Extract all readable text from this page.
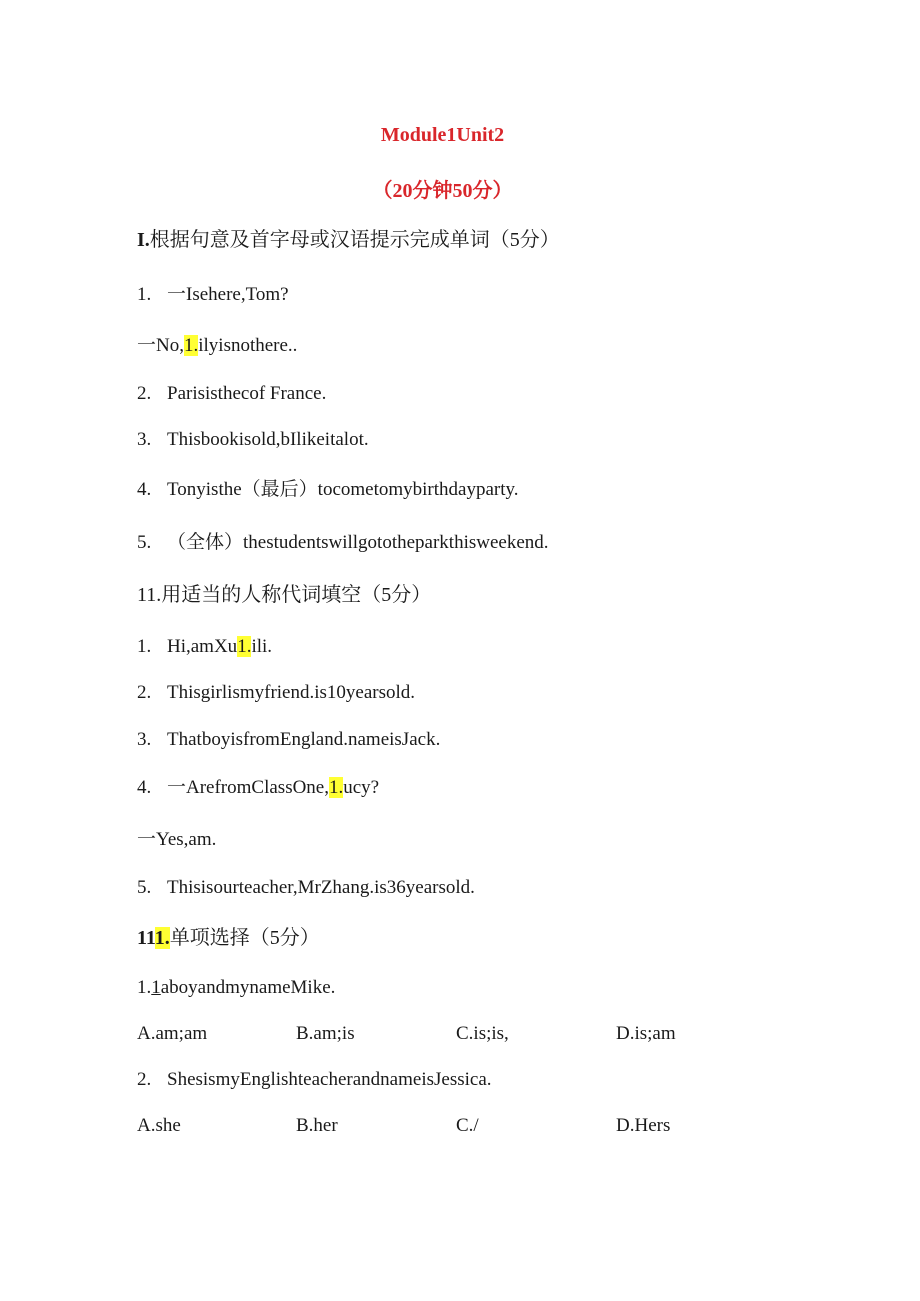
Module1Unit2
（20分钟50分）
I.根据句意及首字母或汉语提示完成单词（5分）
1. 一Isehere,Tom?
一No,1.ilyisnothere..
2. Parisisthecof France.
3. Thisbookisold,bIlikeitalot.
4. Tonyisthe（最后）tocometomybirthdayparty.
5. （全体）thestudentswillgototheparkthisweekend.
11.用适当的人称代词填空（5分）
1. Hi,amXu1.ili.
2. Thisgirlismyfriend.is10yearsold.
3. ThatboyisfromEngland.nameisJack.
4. 一ArefromClassOne,1.ucy?
一Yes,am.
5. Thisisourteacher,MrZhang.is36yearsold.
111.单项选择（5分）
1.1aboyandmynameMike.
A.am;am	B.am;is	C.is;is,	D.is;am
2. ShesismyEnglishteacherandnameisJessica.
A.she	B.her	C./	D.Hers
